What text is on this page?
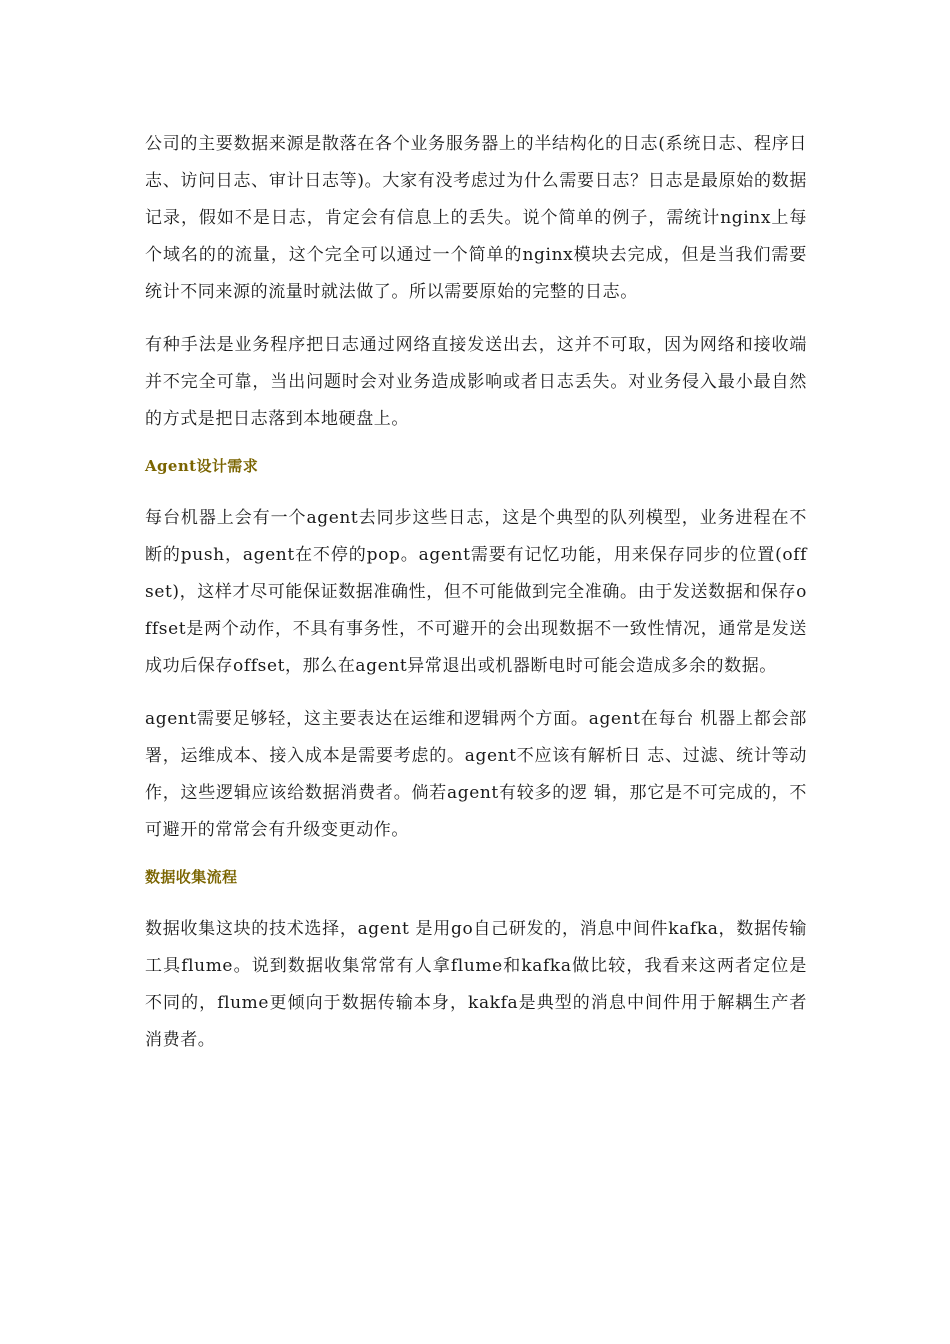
公司的主要数据来源是散落在各个业务服务器上的半结构化的日志(系统日志、程序日志、访问日志、审计日志等)。大家有没考虑过为什么需要日志？日志是最原始的数据记录，假如不是日志，肯定会有信息上的丢失。说个简单的例子，需统计nginx上每个域名的的流量，这个完全可以通过一个简单的nginx模块去完成，但是当我们需要统计不同来源的流量时就法做了。所以需要原始的完整的日志。

有种手法是业务程序把日志通过网络直接发送出去，这并不可取，因为网络和接收端并不完全可靠，当出问题时会对业务造成影响或者日志丢失。对业务侵入最小最自然的方式是把日志落到本地硬盘上。

Agent设计需求

每台机器上会有一个agent去同步这些日志，这是个典型的队列模型，业务进程在不断的push，agent在不停的pop。agent需要有记忆功能，用来保存同步的位置(offset)，这样才尽可能保证数据准确性，但不可能做到完全准确。由于发送数据和保存offset是两个动作，不具有事务性，不可避开的会出现数据不一致性情况，通常是发送成功后保存offset，那么在agent异常退出或机器断电时可能会造成多余的数据。

agent需要足够轻，这主要表达在运维和逻辑两个方面。agent在每台 机器上都会部署，运维成本、接入成本是需要考虑的。agent不应该有解析日 志、过滤、统计等动作，这些逻辑应该给数据消费者。倘若agent有较多的逻 辑，那它是不可完成的，不可避开的常常会有升级变更动作。

数据收集流程

数据收集这块的技术选择，agent 是用go自己研发的，消息中间件kafka，数据传输工具flume。说到数据收集常常有人拿flume和kafka做比较，我看来这两者定位是不同的，flume更倾向于数据传输本身，kakfa是典型的消息中间件用于解耦生产者消费者。
